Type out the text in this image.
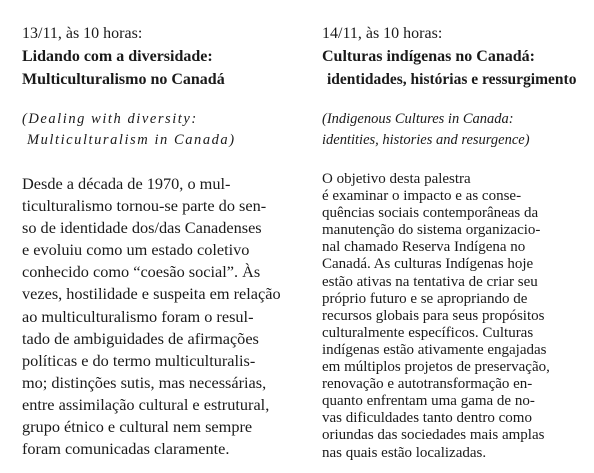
13/11, às 10 horas:
Lidando com a diversidade:
Multiculturalismo no Canadá
(Dealing with diversity:
Multiculturalism in Canada)

Desde a década de 1970, o mul-
ticulturalismo tornou-se parte do sen-
so de identidade dos/das Canadenses
e evoluiu como um estado coletivo
conhecido como “coesão social”. Às
vezes, hostilidade e suspeita em relação
ao multiculturalismo foram o resul-
tado de ambiguidades de afirmações
políticas e do termo multiculturalis-
mo; distinções sutis, mas necessárias,
entre assimilação cultural e estrutural,
grupo étnico e cultural nem sempre
foram comunicadas claramente.

14/11, às 10 horas:
Culturas indígenas no Canadá:
identidades, histórias e ressurgimento
(Indigenous Cultures in Canada:
identities, histories and resurgence)

O objetivo desta palestra
é examinar o impacto e as conse-
quências sociais contemporâneas da
manutenção do sistema organizacio-
nal chamado Reserva Indígena no
Canadá. As culturas Indígenas hoje
estão ativas na tentativa de criar seu
próprio futuro e se apropriando de
recursos globais para seus propósitos
culturalmente específicos. Culturas
indígenas estão ativamente engajadas
em múltiplos projetos de preservação,
renovação e autotransformação en-
quanto enfrentam uma gama de no-
vas dificuldades tanto dentro como
oriundas das sociedades mais amplas
nas quais estão localizadas.
